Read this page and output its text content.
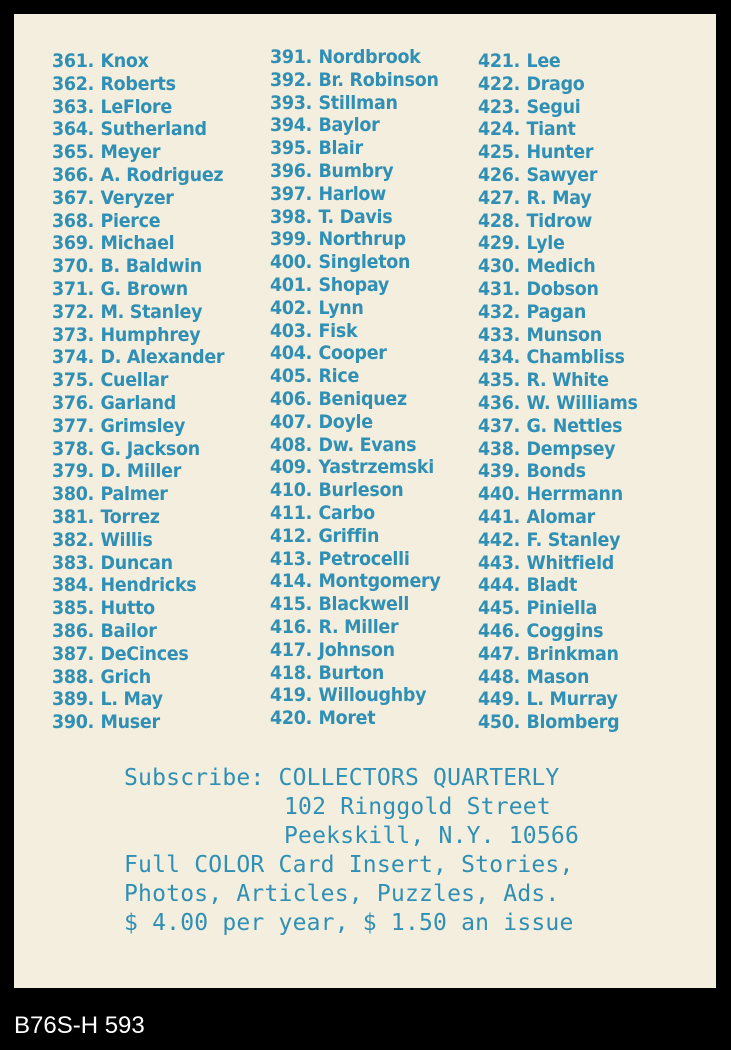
361. Knox
362. Roberts
363. LeFlore
364. Sutherland
365. Meyer
366. A. Rodriguez
367. Veryzer
368. Pierce
369. Michael
370. B. Baldwin
371. G. Brown
372. M. Stanley
373. Humphrey
374. D. Alexander
375. Cuellar
376. Garland
377. Grimsley
378. G. Jackson
379. D. Miller
380. Palmer
381. Torrez
382. Willis
383. Duncan
384. Hendricks
385. Hutto
386. Bailor
387. DeCinces
388. Grich
389. L. May
390. Muser
391. Nordbrook
392. Br. Robinson
393. Stillman
394. Baylor
395. Blair
396. Bumbry
397. Harlow
398. T. Davis
399. Northrup
400. Singleton
401. Shopay
402. Lynn
403. Fisk
404. Cooper
405. Rice
406. Beniquez
407. Doyle
408. Dw. Evans
409. Yastrzemski
410. Burleson
411. Carbo
412. Griffin
413. Petrocelli
414. Montgomery
415. Blackwell
416. R. Miller
417. Johnson
418. Burton
419. Willoughby
420. Moret
421. Lee
422. Drago
423. Segui
424. Tiant
425. Hunter
426. Sawyer
427. R. May
428. Tidrow
429. Lyle
430. Medich
431. Dobson
432. Pagan
433. Munson
434. Chambliss
435. R. White
436. W. Williams
437. G. Nettles
438. Dempsey
439. Bonds
440. Herrmann
441. Alomar
442. F. Stanley
443. Whitfield
444. Bladt
445. Piniella
446. Coggins
447. Brinkman
448. Mason
449. L. Murray
450. Blomberg
Subscribe: COLLECTORS QUARTERLY
102 Ringgold Street
Peekskill, N.Y. 10566
Full COLOR Card Insert, Stories,
Photos, Articles, Puzzles, Ads.
$ 4.00 per year, $ 1.50 an issue
B76S-H 593
